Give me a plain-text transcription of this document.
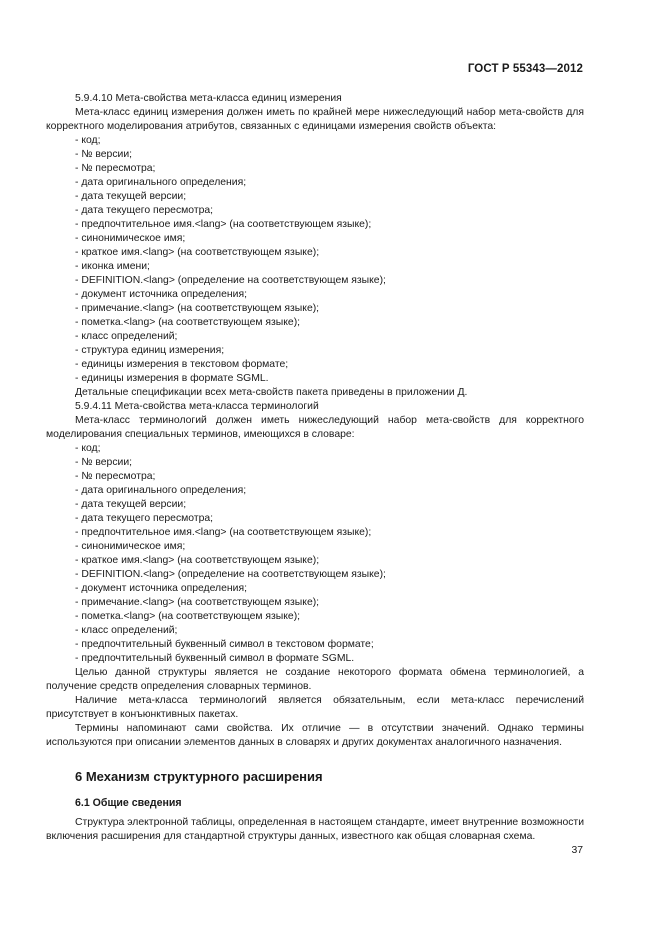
ГОСТ Р 55343—2012

5.9.4.10 Мета-свойства мета-класса единиц измерения

Мета-класс единиц измерения должен иметь по крайней мере нижеследующий набор мета-свойств для корректного моделирования атрибутов, связанных с единицами измерения свойств объекта:

- код;

- № версии;

- № пересмотра;

- дата оригинального определения;

- дата текущей версии;

- дата текущего пересмотра;

- предпочтительное имя.<lang> (на соответствующем языке);

- синонимическое имя;

- краткое имя.<lang> (на соответствующем языке);

- иконка имени;

- DEFINITION.<lang> (определение на соответствующем языке);

- документ источника определения;

- примечание.<lang> (на соответствующем языке);

- пометка.<lang> (на соответствующем языке);

- класс определений;

- структура единиц измерения;

- единицы измерения в текстовом формате;

- единицы измерения в формате SGML.

Детальные спецификации всех мета-свойств пакета приведены в приложении Д.

5.9.4.11 Мета-свойства мета-класса терминологий

Мета-класс терминологий должен иметь нижеследующий набор мета-свойств для корректного моделирования специальных терминов, имеющихся в словаре:

- код;

- № версии;

- № пересмотра;

- дата оригинального определения;

- дата текущей версии;

- дата текущего пересмотра;

- предпочтительное имя.<lang> (на соответствующем языке);

- синонимическое имя;

- краткое имя.<lang> (на соответствующем языке);

- DEFINITION.<lang> (определение на соответствующем языке);

- документ источника определения;

- примечание.<lang> (на соответствующем языке);

- пометка.<lang> (на соответствующем языке);

- класс определений;

- предпочтительный буквенный символ в текстовом формате;

- предпочтительный буквенный символ в формате SGML.

Целью данной структуры является не создание некоторого формата обмена терминологией, а получение средств определения словарных терминов.

Наличие мета-класса терминологий является обязательным, если мета-класс перечислений присутствует в конъюнктивных пакетах.

Термины напоминают сами свойства. Их отличие — в отсутствии значений. Однако термины используются при описании элементов данных в словарях и других документах аналогичного назначения.

6 Механизм структурного расширения

6.1 Общие сведения

Структура электронной таблицы, определенная в настоящем стандарте, имеет внутренние возможности включения расширения для стандартной структуры данных, известного как общая словарная схема.

37
